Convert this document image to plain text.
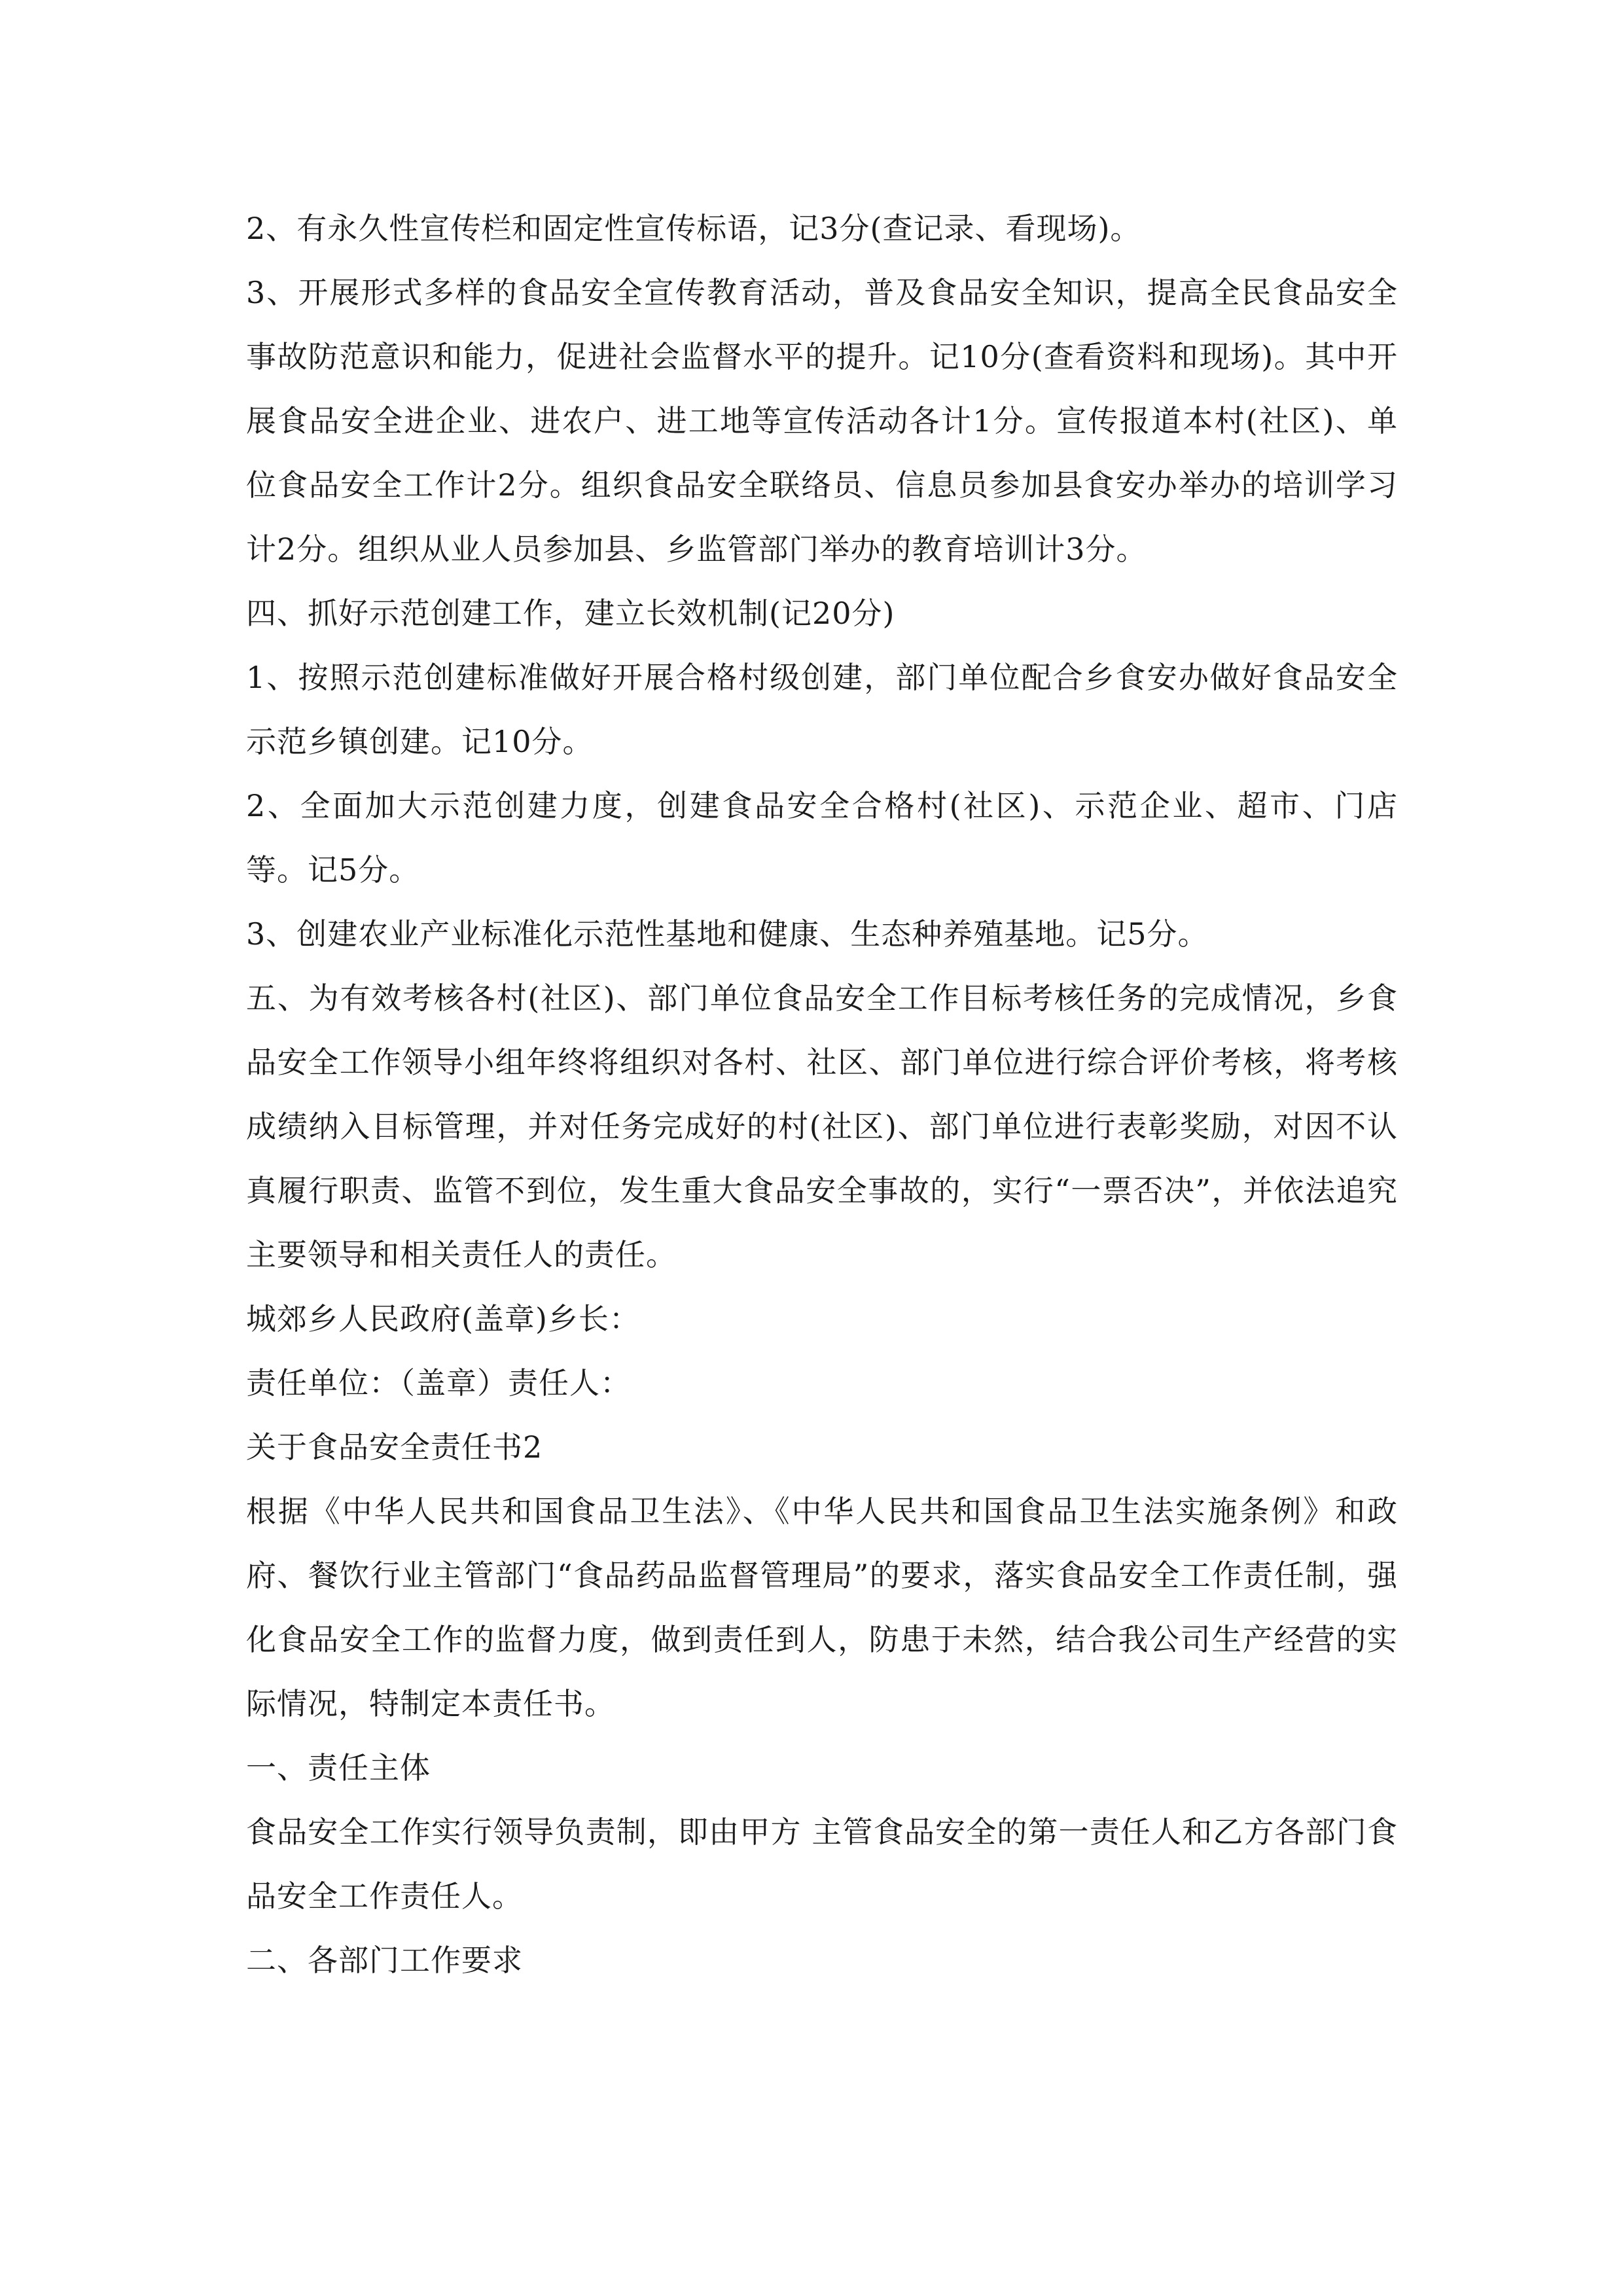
2、有永久性宣传栏和固定性宣传标语，记3分(查记录、看现场)。

3、开展形式多样的食品安全宣传教育活动，普及食品安全知识，提高全民食品安全事故防范意识和能力，促进社会监督水平的提升。记10分(查看资料和现场)。其中开展食品安全进企业、进农户、进工地等宣传活动各计1分。宣传报道本村(社区)、单位食品安全工作计2分。组织食品安全联络员、信息员参加县食安办举办的培训学习计2分。组织从业人员参加县、乡监管部门举办的教育培训计3分。

四、抓好示范创建工作，建立长效机制(记20分)

1、按照示范创建标准做好开展合格村级创建，部门单位配合乡食安办做好食品安全示范乡镇创建。记10分。

2、全面加大示范创建力度，创建食品安全合格村(社区)、示范企业、超市、门店等。记5分。

3、创建农业产业标准化示范性基地和健康、生态种养殖基地。记5分。

五、为有效考核各村(社区)、部门单位食品安全工作目标考核任务的完成情况，乡食品安全工作领导小组年终将组织对各村、社区、部门单位进行综合评价考核，将考核成绩纳入目标管理，并对任务完成好的村(社区)、部门单位进行表彰奖励，对因不认真履行职责、监管不到位，发生重大食品安全事故的，实行“一票否决”，并依法追究主要领导和相关责任人的责任。

城郊乡人民政府(盖章)乡长：

责任单位：（盖章）责任人：

关于食品安全责任书2

根据《中华人民共和国食品卫生法》、《中华人民共和国食品卫生法实施条例》和政府、餐饮行业主管部门“食品药品监督管理局”的要求，落实食品安全工作责任制，强化食品安全工作的监督力度，做到责任到人，防患于未然，结合我公司生产经营的实际情况，特制定本责任书。

一、责任主体

食品安全工作实行领导负责制，即由甲方 主管食品安全的第一责任人和乙方各部门食品安全工作责任人。

二、各部门工作要求
